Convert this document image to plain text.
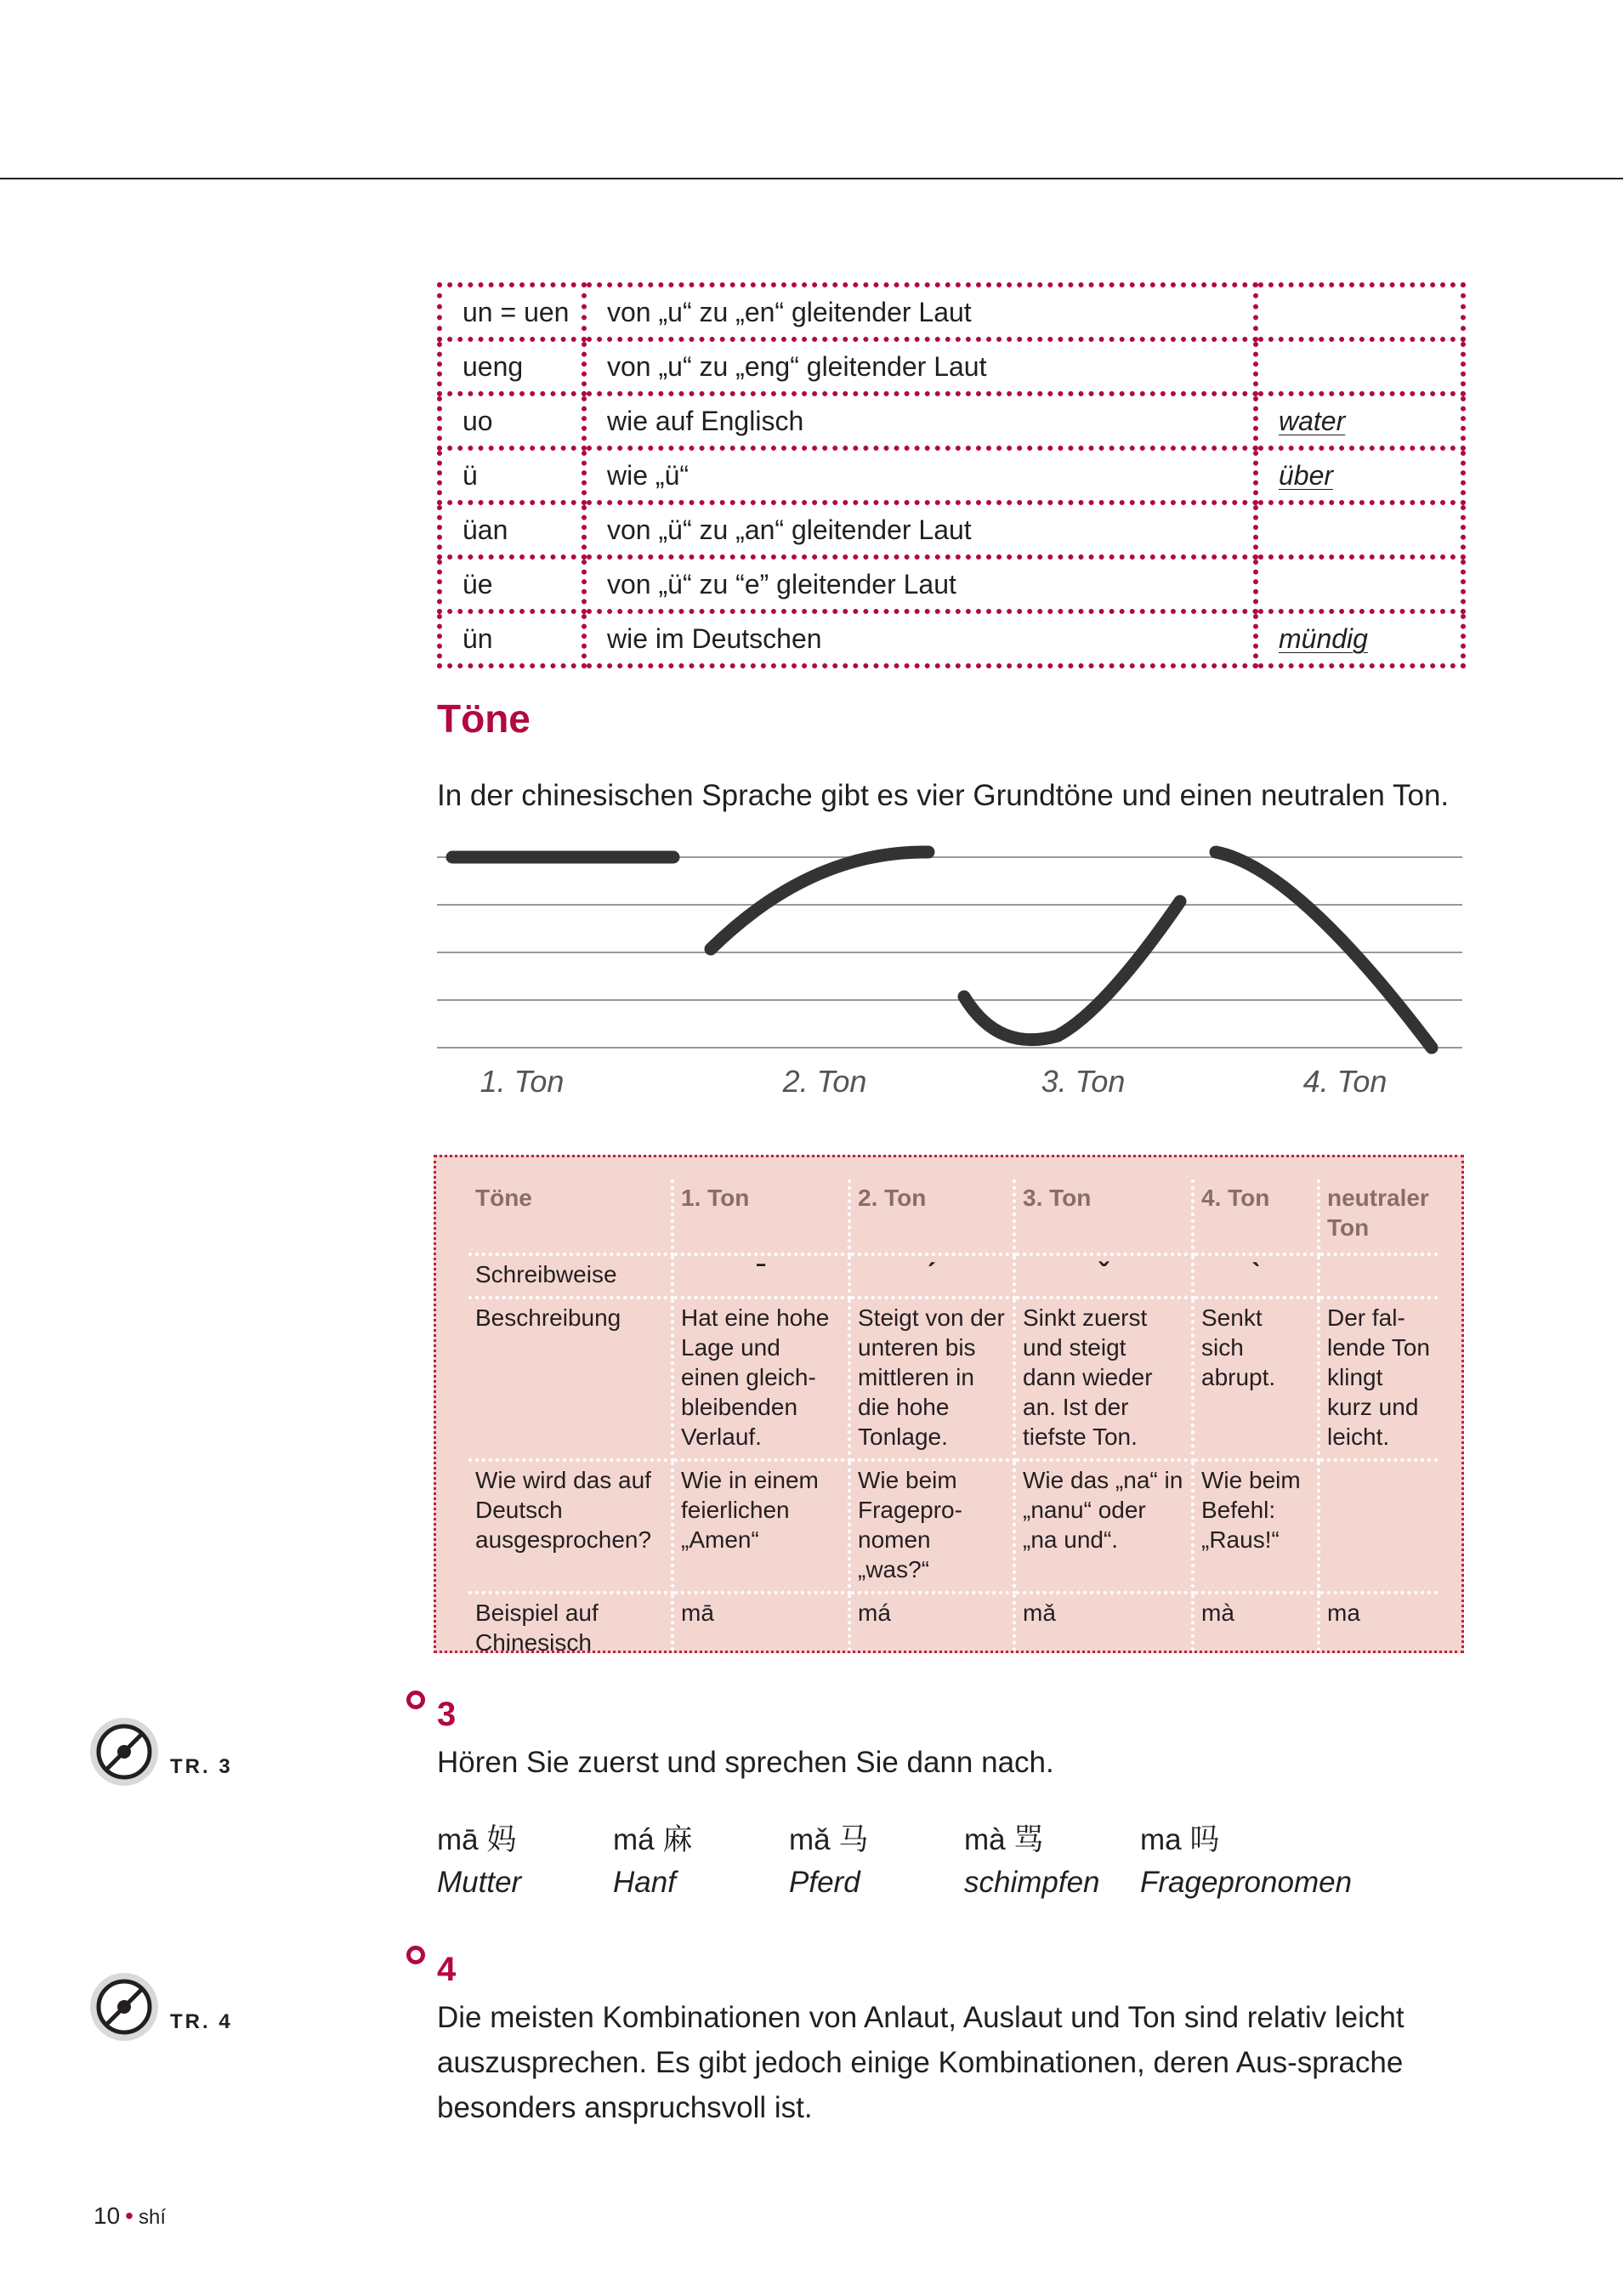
un = uen	von „u“ zu „en“ gleitender Laut	
ueng	von „u“ zu „eng“ gleitender Laut	
uo	wie auf Englisch	water
ü	wie „ü“	über
üan	von „ü“ zu „an“ gleitender Laut	
üe	von „ü“ zu “e” gleitender Laut	
ün	wie im Deutschen	mündig
Töne

In der chinesischen Sprache gibt es vier Grundtöne und einen neutralen Ton.

1. Ton	2. Ton	3. Ton	4. Ton
Töne	1. Ton	2. Ton	3. Ton	4. Ton	neutraler Ton
Schreibweise	ˉ	ˊ	ˇ	ˋ	
Beschreibung	Hat eine hohe Lage und einen gleich-bleibenden Verlauf.	Steigt von der unteren bis mittleren in die hohe Tonlage.	Sinkt zuerst und steigt dann wieder an. Ist der tiefste Ton.	Senkt sich abrupt.	Der fal-lende Ton klingt kurz und leicht.
Wie wird das auf Deutsch ausgesprochen?	Wie in einem feierlichen „Amen“	Wie beim Fragepro-nomen „was?“	Wie das „na“ in „nanu“ oder „na und“.	Wie beim Befehl: „Raus!“	
Beispiel auf Chinesisch	mā	má	mǎ	mà	ma

3

TR. 3	Hören Sie zuerst und sprechen Sie dann nach.

mā 妈
Mutter
má 麻
Hanf
mǎ 马
Pferd
mà 骂
schimpfen
ma 吗
Fragepronomen

4

TR. 4	Die meisten Kombinationen von Anlaut, Auslaut und Ton sind relativ leicht auszusprechen. Es gibt jedoch einige Kombinationen, deren Aus-sprache besonders anspruchsvoll ist.

10 • shí
